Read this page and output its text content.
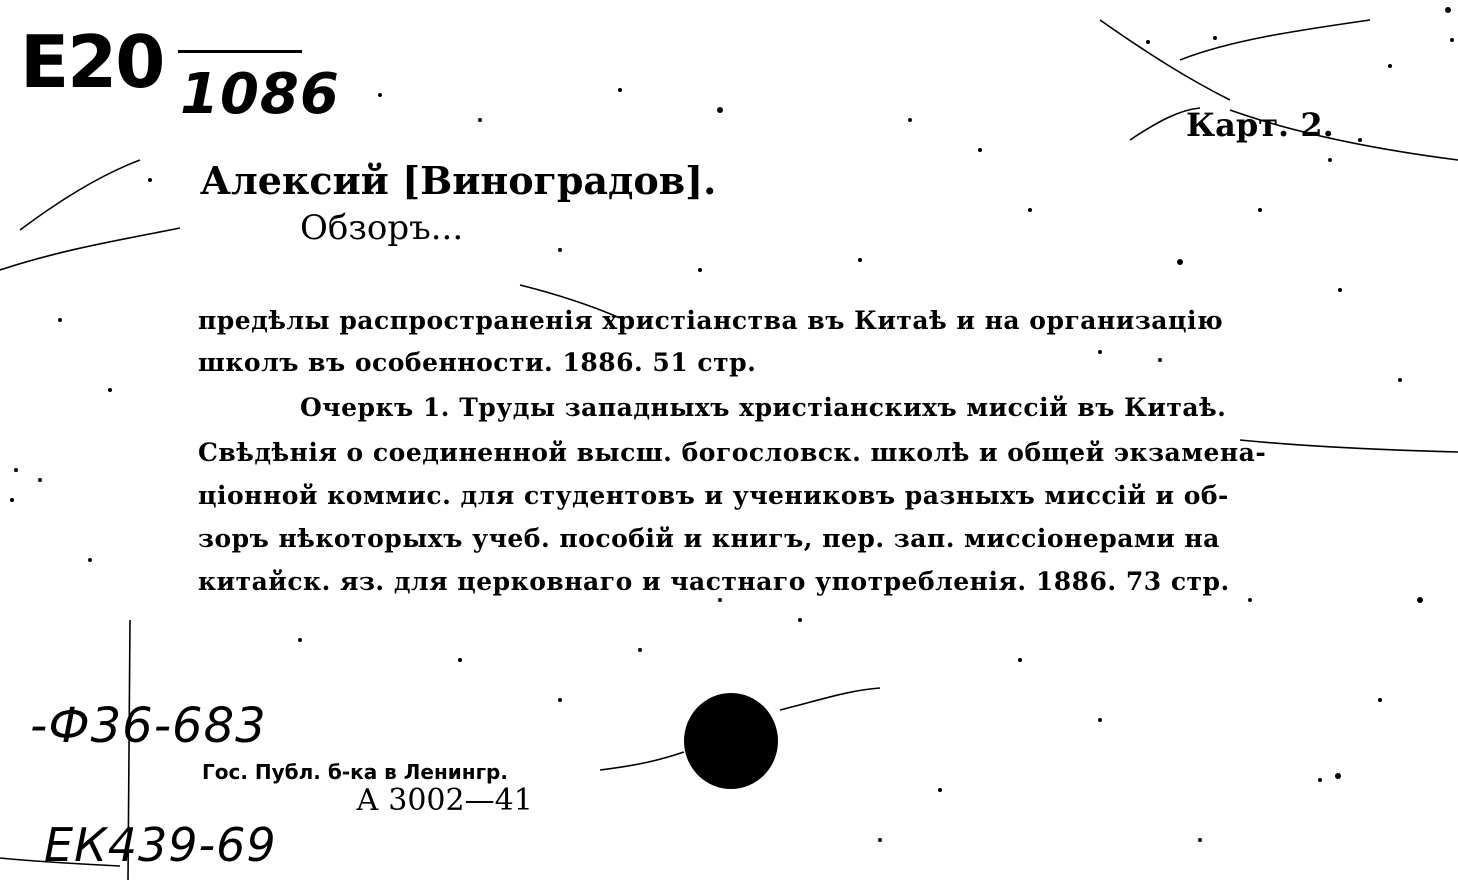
E20 1086	Карт. 2.
Алексий [Виноградов].
Обзоръ...
предѣлы распространенія христіанства въ Китаѣ и на организацію
школъ въ особенности. 1886. 51 стр.
Очеркъ 1. Труды западныхъ христіанскихъ миссій въ Китаѣ.
Свѣдѣнія о соединенной высш. богословск. школѣ и общей экзамена-
ціонной коммис. для студентовъ и учениковъ разныхъ миссій и об-
зоръ нѣкоторыхъ учеб. пособій и книгъ, пер. зап. миссіонерами на
китайск. яз. для церковнаго и частнаго употребленія. 1886. 73 стр.
-Ф36-683
Гос. Публ. б-ка в Ленингр.
А 3002—41
ЕК439-69
